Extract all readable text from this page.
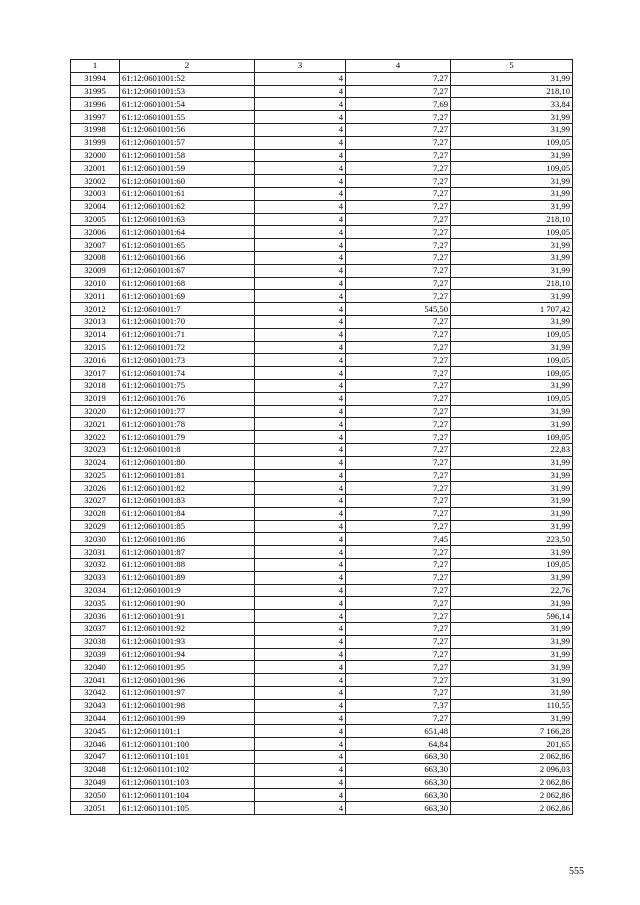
1	2	3	4	5
31994	61:12:0601001:52	4	7,27	31,99
31995	61:12:0601001:53	4	7,27	218,10
31996	61:12:0601001:54	4	7,69	33,84
31997	61:12:0601001:55	4	7,27	31,99
31998	61:12:0601001:56	4	7,27	31,99
31999	61:12:0601001:57	4	7,27	109,05
32000	61:12:0601001:58	4	7,27	31,99
32001	61:12:0601001:59	4	7,27	109,05
32002	61:12:0601001:60	4	7,27	31,99
32003	61:12:0601001:61	4	7,27	31,99
32004	61:12:0601001:62	4	7,27	31,99
32005	61:12:0601001:63	4	7,27	218,10
32006	61:12:0601001:64	4	7,27	109,05
32007	61:12:0601001:65	4	7,27	31,99
32008	61:12:0601001:66	4	7,27	31,99
32009	61:12:0601001:67	4	7,27	31,99
32010	61:12:0601001:68	4	7,27	218,10
32011	61:12:0601001:69	4	7,27	31,99
32012	61:12:0601001:7	4	545,50	1 707,42
32013	61:12:0601001:70	4	7,27	31,99
32014	61:12:0601001:71	4	7,27	109,05
32015	61:12:0601001:72	4	7,27	31,99
32016	61:12:0601001:73	4	7,27	109,05
32017	61:12:0601001:74	4	7,27	109,05
32018	61:12:0601001:75	4	7,27	31,99
32019	61:12:0601001:76	4	7,27	109,05
32020	61:12:0601001:77	4	7,27	31,99
32021	61:12:0601001:78	4	7,27	31,99
32022	61:12:0601001:79	4	7,27	109,05
32023	61:12:0601001:8	4	7,27	22,83
32024	61:12:0601001:80	4	7,27	31,99
32025	61:12:0601001:81	4	7,27	31,99
32026	61:12:0601001:82	4	7,27	31,99
32027	61:12:0601001:83	4	7,27	31,99
32028	61:12:0601001:84	4	7,27	31,99
32029	61:12:0601001:85	4	7,27	31,99
32030	61:12:0601001:86	4	7,45	223,50
32031	61:12:0601001:87	4	7,27	31,99
32032	61:12:0601001:88	4	7,27	109,05
32033	61:12:0601001:89	4	7,27	31,99
32034	61:12:0601001:9	4	7,27	22,76
32035	61:12:0601001:90	4	7,27	31,99
32036	61:12:0601001:91	4	7,27	596,14
32037	61:12:0601001:92	4	7,27	31,99
32038	61:12:0601001:93	4	7,27	31,99
32039	61:12:0601001:94	4	7,27	31,99
32040	61:12:0601001:95	4	7,27	31,99
32041	61:12:0601001:96	4	7,27	31,99
32042	61:12:0601001:97	4	7,27	31,99
32043	61:12:0601001:98	4	7,37	110,55
32044	61:12:0601001:99	4	7,27	31,99
32045	61:12:0601101:1	4	651,48	7 166,28
32046	61:12:0601101:100	4	64,84	201,65
32047	61:12:0601101:101	4	663,30	2 062,86
32048	61:12:0601101:102	4	663,30	2 096,03
32049	61:12:0601101:103	4	663,30	2 062,86
32050	61:12:0601101:104	4	663,30	2 062,86
32051	61:12:0601101:105	4	663,30	2 062,86
555
